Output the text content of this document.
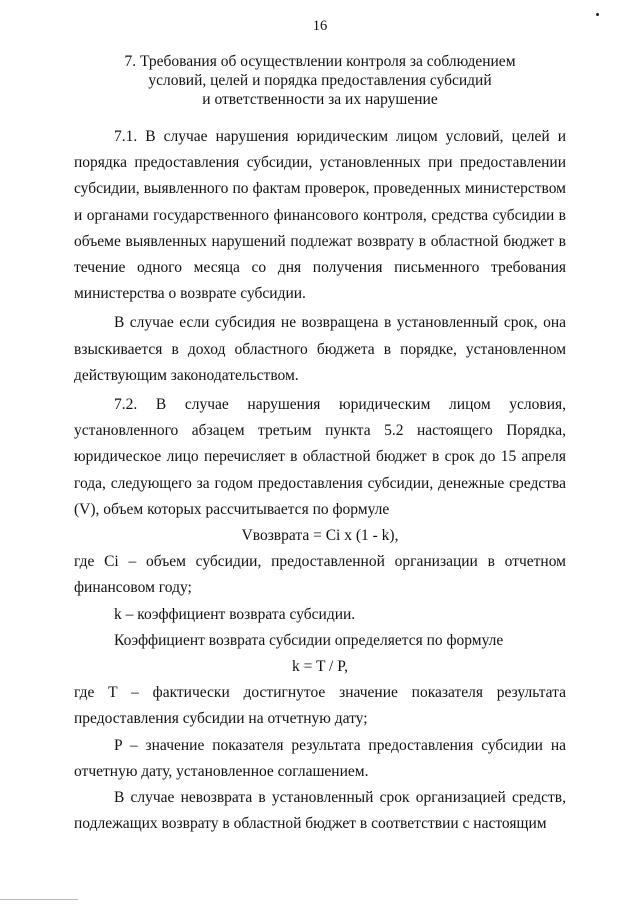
16
7. Требования об осуществлении контроля за соблюдением
условий, целей и порядка предоставления субсидий
и ответственности за их нарушение

7.1. В случае нарушения юридическим лицом условий, целей и порядка предоставления субсидии, установленных при предоставлении субсидии, выявленного по фактам проверок, проведенных министерством и органами государственного финансового контроля, средства субсидии в объеме выявленных нарушений подлежат возврату в областной бюджет в течение одного месяца со дня получения письменного требования министерства о возврате субсидии.

В случае если субсидия не возвращена в установленный срок, она взыскивается в доход областного бюджета в порядке, установленном действующим законодательством.

7.2. В случае нарушения юридическим лицом условия, установленного абзацем третьим пункта 5.2 настоящего Порядка, юридическое лицо перечисляет в областной бюджет в срок до 15 апреля года, следующего за годом предоставления субсидии, денежные средства (V), объем которых рассчитывается по формуле

Vвозврата = Ci x (1 - k),

где Ci – объем субсидии, предоставленной организации в отчетном финансовом году;

k – коэффициент возврата субсидии.

Коэффициент возврата субсидии определяется по формуле

k = T / P,

где T – фактически достигнутое значение показателя результата предоставления субсидии на отчетную дату;

P – значение показателя результата предоставления субсидии на отчетную дату, установленное соглашением.

В случае невозврата в установленный срок организацией средств, подлежащих возврату в областной бюджет в соответствии с настоящим
